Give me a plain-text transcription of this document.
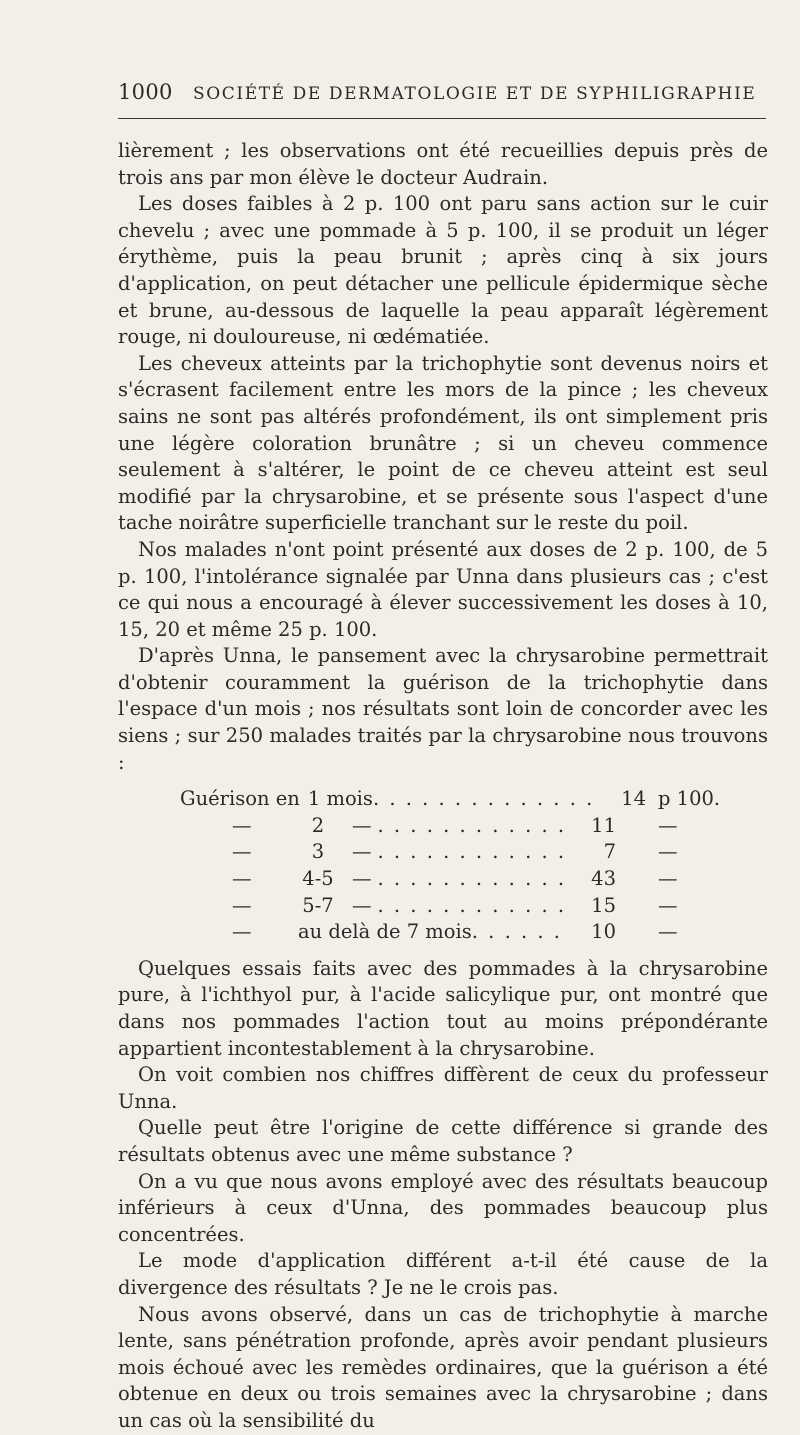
1000 SOCIÉTÉ DE DERMATOLOGIE ET DE SYPHILIGRAPHIE

lièrement ; les observations ont été recueillies depuis près de trois ans par mon élève le docteur Audrain.

Les doses faibles à 2 p. 100 ont paru sans action sur le cuir chevelu ; avec une pommade à 5 p. 100, il se produit un léger érythème, puis la peau brunit ; après cinq à six jours d'application, on peut détacher une pellicule épidermique sèche et brune, au-dessous de laquelle la peau apparaît légèrement rouge, ni douloureuse, ni œdématiée.

Les cheveux atteints par la trichophytie sont devenus noirs et s'écrasent facilement entre les mors de la pince ; les cheveux sains ne sont pas altérés profondément, ils ont simplement pris une légère coloration brunâtre ; si un cheveu commence seulement à s'altérer, le point de ce cheveu atteint est seul modifié par la chrysarobine, et se présente sous l'aspect d'une tache noirâtre superficielle tranchant sur le reste du poil.

Nos malades n'ont point présenté aux doses de 2 p. 100, de 5 p. 100, l'intolérance signalée par Unna dans plusieurs cas ; c'est ce qui nous a encouragé à élever successivement les doses à 10, 15, 20 et même 25 p. 100.

D'après Unna, le pansement avec la chrysarobine permettrait d'obtenir couramment la guérison de la trichophytie dans l'espace d'un mois ; nos résultats sont loin de concorder avec les siens ; sur 250 malades traités par la chrysarobine nous trouvons :

Guérison en 1 mois . . .	14 p 100.
—	2	— . . .	11	—
—	3	— . . .	7	—
—	4-5 — . . .	43	—
—	5-7 — . . .	15	—
—	au delà de 7 mois . . .	10	—

Quelques essais faits avec des pommades à la chrysarobine pure, à l'ichthyol pur, à l'acide salicylique pur, ont montré que dans nos pommades l'action tout au moins prépondérante appartient incontestablement à la chrysarobine.

On voit combien nos chiffres diffèrent de ceux du professeur Unna.

Quelle peut être l'origine de cette différence si grande des résultats obtenus avec une même substance ?

On a vu que nous avons employé avec des résultats beaucoup inférieurs à ceux d'Unna, des pommades beaucoup plus concentrées.

Le mode d'application différent a-t-il été cause de la divergence des résultats ? Je ne le crois pas.

Nous avons observé, dans un cas de trichophytie à marche lente, sans pénétration profonde, après avoir pendant plusieurs mois échoué avec les remèdes ordinaires, que la guérison a été obtenue en deux ou trois semaines avec la chrysarobine ; dans un cas où la sensibilité du
